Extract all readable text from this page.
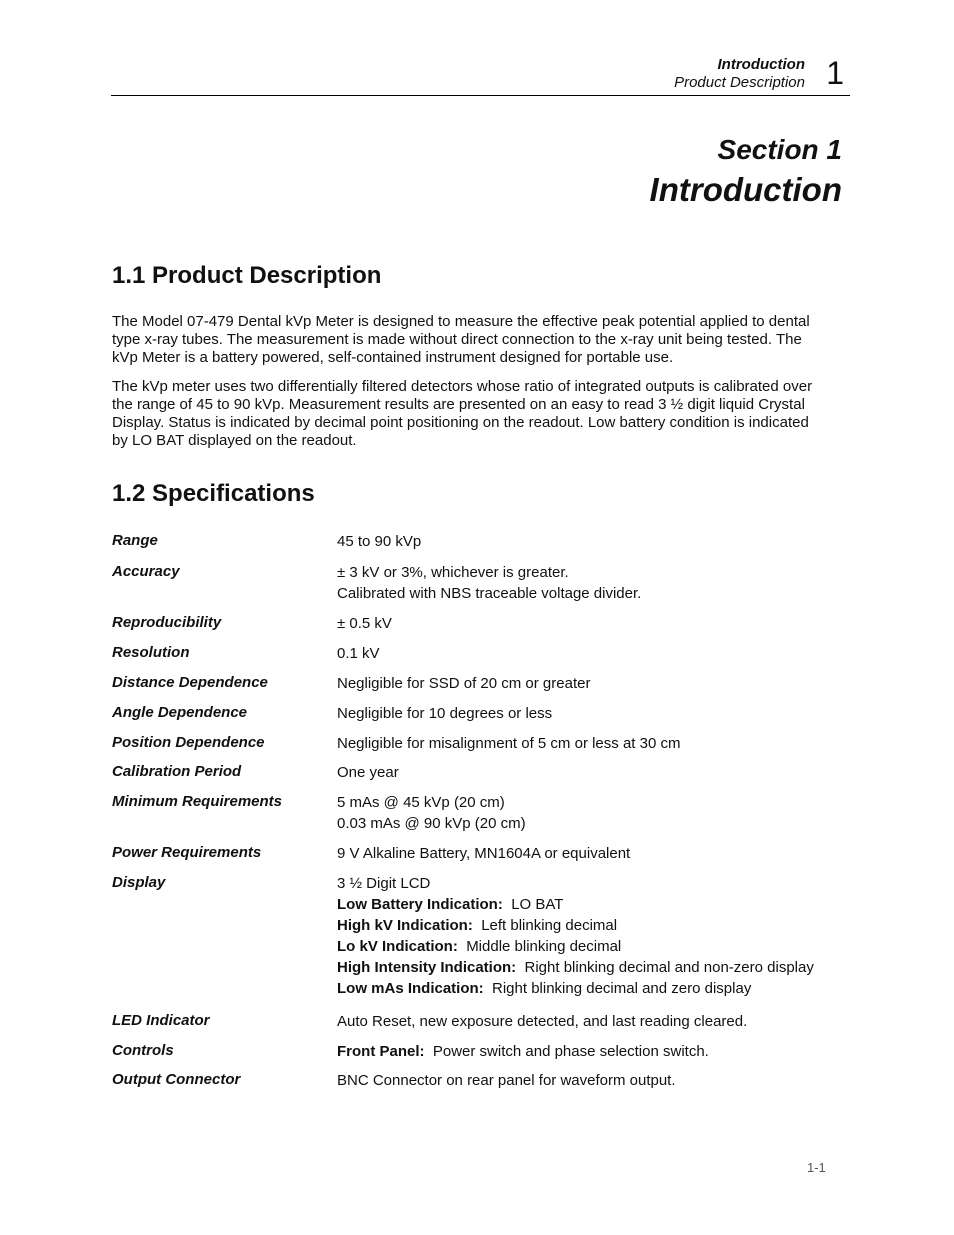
Introduction
Product Description 1
Section 1
Introduction
1.1 Product Description
The Model 07-479 Dental kVp Meter is designed to measure the effective peak potential applied to dental
type x-ray tubes. The measurement is made without direct connection to the x-ray unit being tested. The
kVp Meter is a battery powered, self-contained instrument designed for portable use.
The kVp meter uses two differentially filtered detectors whose ratio of integrated outputs is calibrated over
the range of 45 to 90 kVp. Measurement results are presented on an easy to read 3 ½ digit liquid Crystal
Display. Status is indicated by decimal point positioning on the readout. Low battery condition is indicated
by LO BAT displayed on the readout.
1.2 Specifications
Range	45 to 90 kVp
Accuracy	± 3 kV or 3%, whichever is greater.
Calibrated with NBS traceable voltage divider.
Reproducibility	± 0.5 kV
Resolution	0.1 kV
Distance Dependence	Negligible for SSD of 20 cm or greater
Angle Dependence	Negligible for 10 degrees or less
Position Dependence	Negligible for misalignment of 5 cm or less at 30 cm
Calibration Period	One year
Minimum Requirements	5 mAs @ 45 kVp (20 cm)
0.03 mAs @ 90 kVp (20 cm)
Power Requirements	9 V Alkaline Battery, MN1604A or equivalent
Display	3 ½ Digit LCD
Low Battery Indication: LO BAT
High kV Indication: Left blinking decimal
Lo kV Indication: Middle blinking decimal
High Intensity Indication: Right blinking decimal and non-zero display
Low mAs Indication: Right blinking decimal and zero display
LED Indicator	Auto Reset, new exposure detected, and last reading cleared.
Controls	Front Panel: Power switch and phase selection switch.
Output Connector	BNC Connector on rear panel for waveform output.
1-1
